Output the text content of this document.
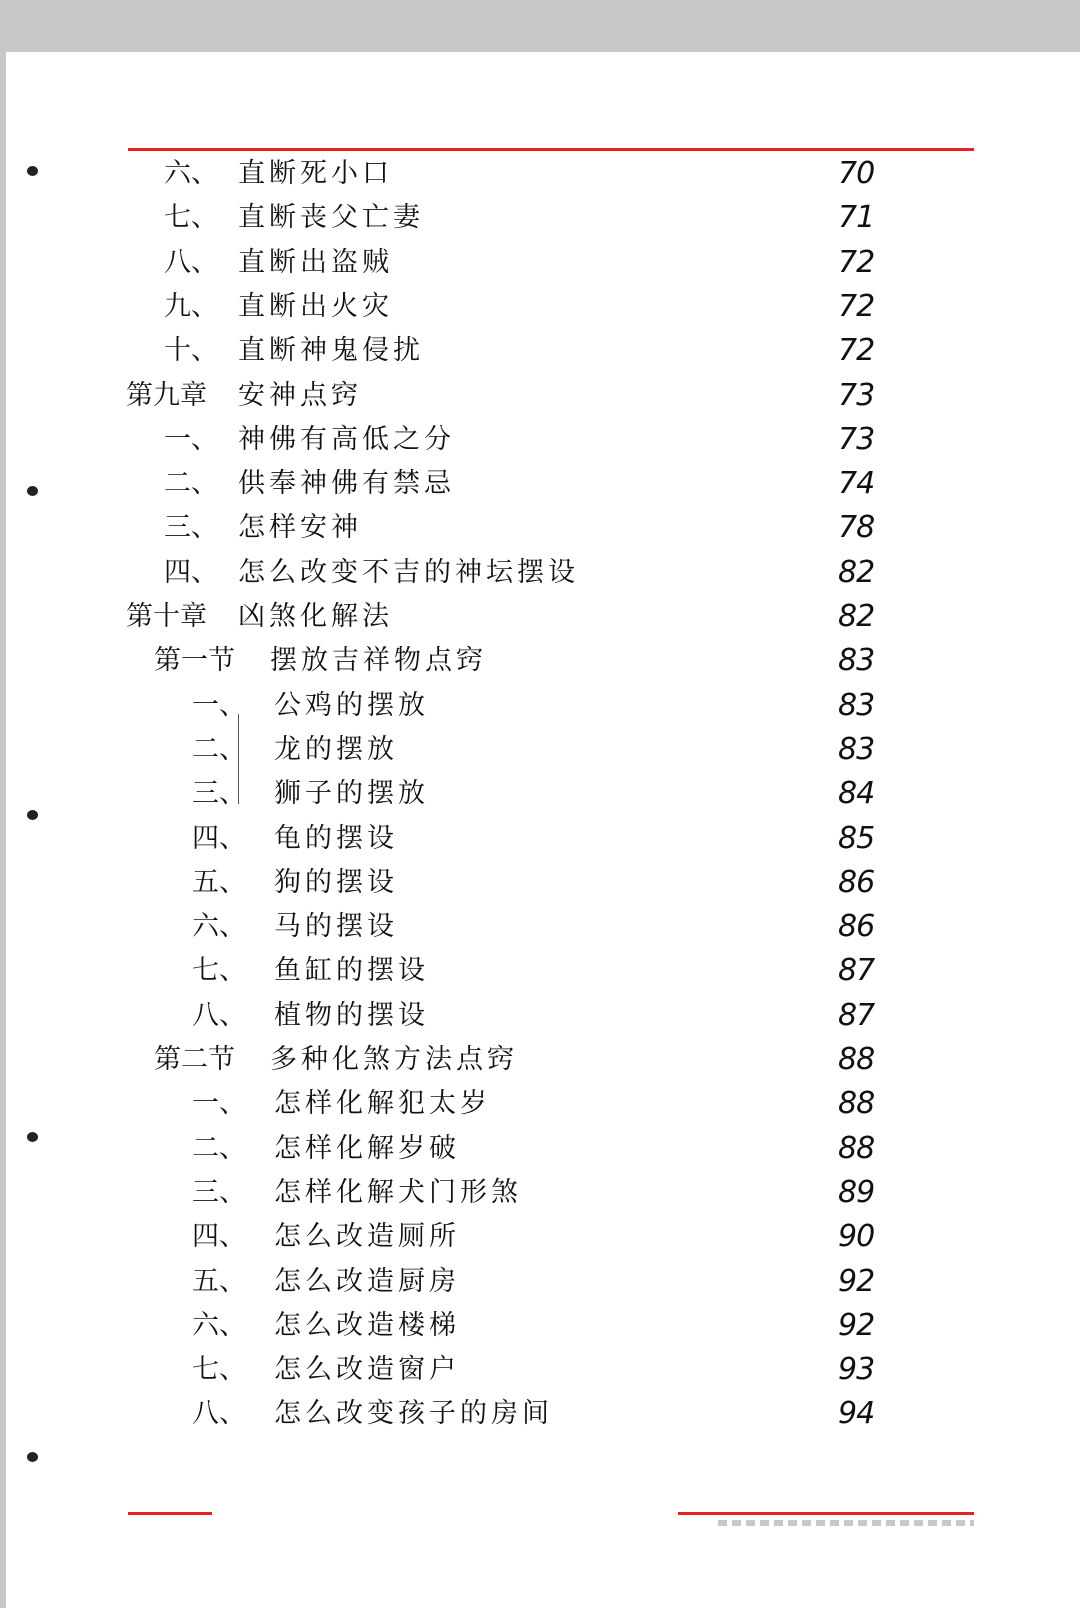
六、 直断死小口	70
七、 直断丧父亡妻	71
八、 直断出盗贼	72
九、 直断出火灾	72
十、 直断神鬼侵扰	72
第九章	安神点窍	73
一、 神佛有高低之分	73
二、 供奉神佛有禁忌	74
三、 怎样安神	78
四、 怎么改变不吉的神坛摆设	82
第十章	凶煞化解法	82
第一节	摆放吉祥物点窍	83
一、	公鸡的摆放	83
二、	龙的摆放	83
三、	狮子的摆放	84
四、	龟的摆设	85
五、	狗的摆设	86
六、	马的摆设	86
七、	鱼缸的摆设	87
八、	植物的摆设	87
第二节	多种化煞方法点窍	88
一、	怎样化解犯太岁	88
二、	怎样化解岁破	88
三、	怎样化解犬门形煞	89
四、	怎么改造厕所	90
五、	怎么改造厨房	92
六、	怎么改造楼梯	92
七、	怎么改造窗户	93
八、	怎么改变孩子的房间	94
